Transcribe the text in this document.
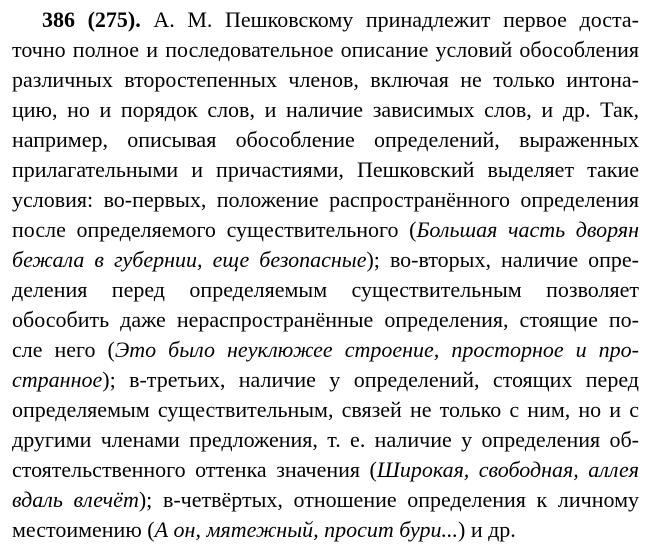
386 (275). А. М. Пешковскому принадлежит первое доста-
точно полное и последовательное описание условий обособления
различных второстепенных членов, включая не только интона-
цию, но и порядок слов, и наличие зависимых слов, и др. Так,
например, описывая обособление определений, выраженных
прилагательными и причастиями, Пешковский выделяет такие
условия: во-первых, положение распространённого определения
после определяемого существительного (Большая часть дворян
бежала в губернии, еще безопасные); во-вторых, наличие опре-
деления перед определяемым существительным позволяет
обособить даже нераспространённые определения, стоящие по-
сле него (Это было неуклюжее строение, просторное и про-
странное); в-третьих, наличие у определений, стоящих перед
определяемым существительным, связей не только с ним, но и с
другими членами предложения, т. е. наличие у определения об-
стоятельственного оттенка значения (Широкая, свободная, аллея
вдаль влечёт); в-четвёртых, отношение определения к личному
местоимению (А он, мятежный, просит бури...) и др.
